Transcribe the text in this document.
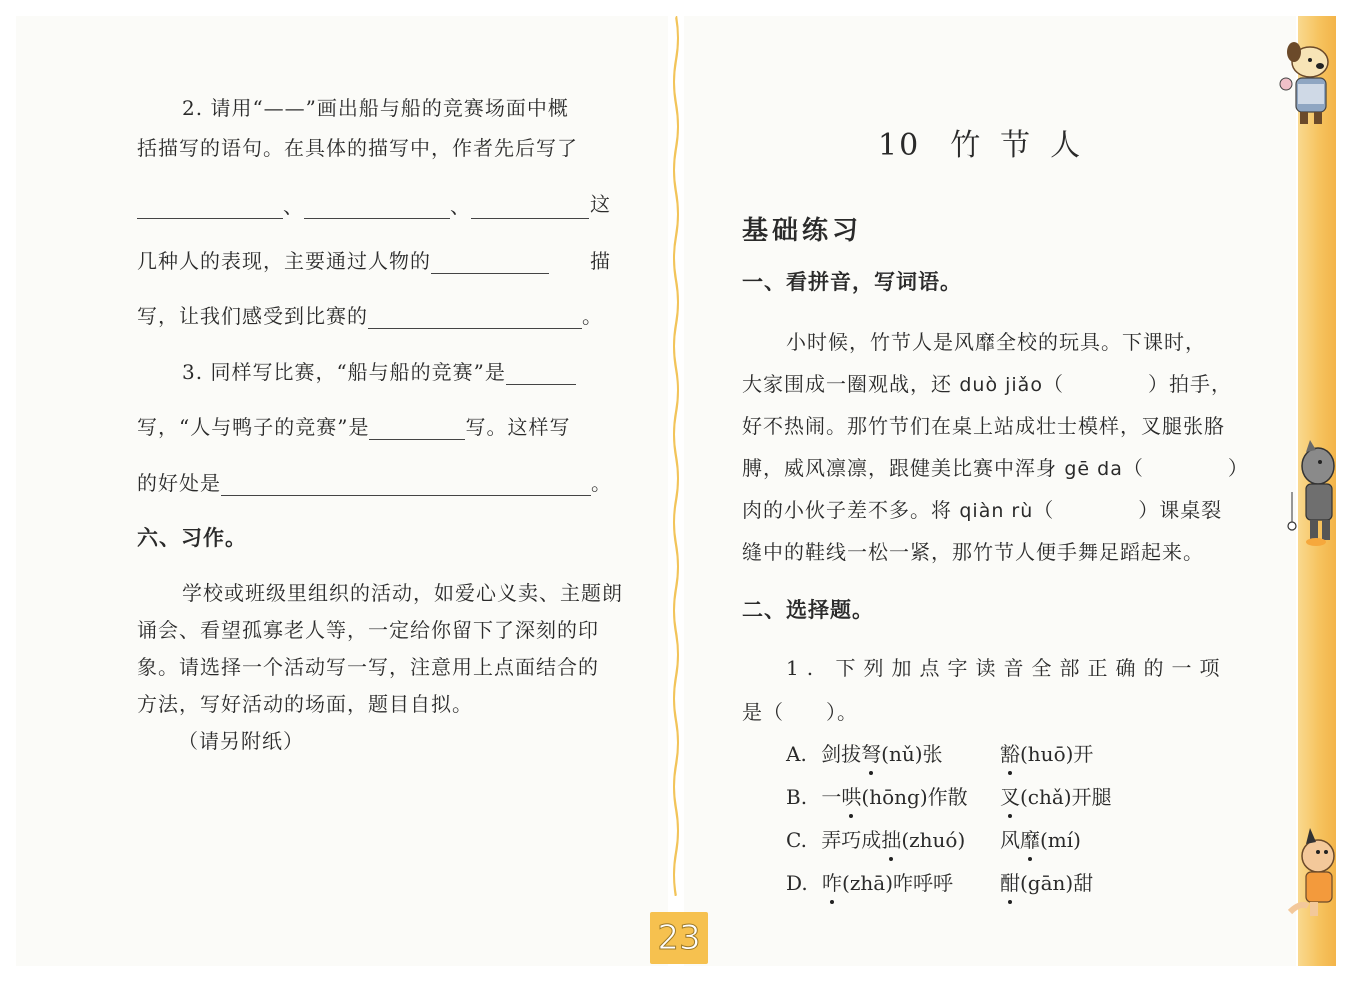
2. 请用“——”画出船与船的竞赛场面中概
括描写的语句。在具体的描写中，作者先后写了
、	、	这
几种人的表现，主要通过人物的	描
写，让我们感受到比赛的	。
3. 同样写比赛，“船与船的竞赛”是
写，“人与鸭子的竞赛”是	写。这样写
的好处是	。
六、习作。
学校或班级里组织的活动，如爱心义卖、主题朗
诵会、看望孤寡老人等，一定给你留下了深刻的印
象。请选择一个活动写一写，注意用上点面结合的
方法，写好活动的场面，题目自拟。
（请另附纸）
10 竹节人
基础练习
一、看拼音，写词语。
小时候，竹节人是风靡全校的玩具。下课时，
大家围成一圈观战，还 duò jiǎo（　　　　）拍手，
好不热闹。那竹节们在桌上站成壮士模样，叉腿张胳
膊，威风凛凛，跟健美比赛中浑身 gē da（　　　　）
肉的小伙子差不多。将 qiàn rù（　　　　）课桌裂
缝中的鞋线一松一紧，那竹节人便手舞足蹈起来。
二、选择题。
1. 下列加点字读音全部正确的一项
是（　　）。
A. 剑拔弩(nǔ)张	豁(huō)开
B. 一哄(hōng)作散 叉(chǎ)开腿
C. 弄巧成拙(zhuó) 风靡(mí)
D. 咋(zhā)咋呼呼 酣(gān)甜
23
